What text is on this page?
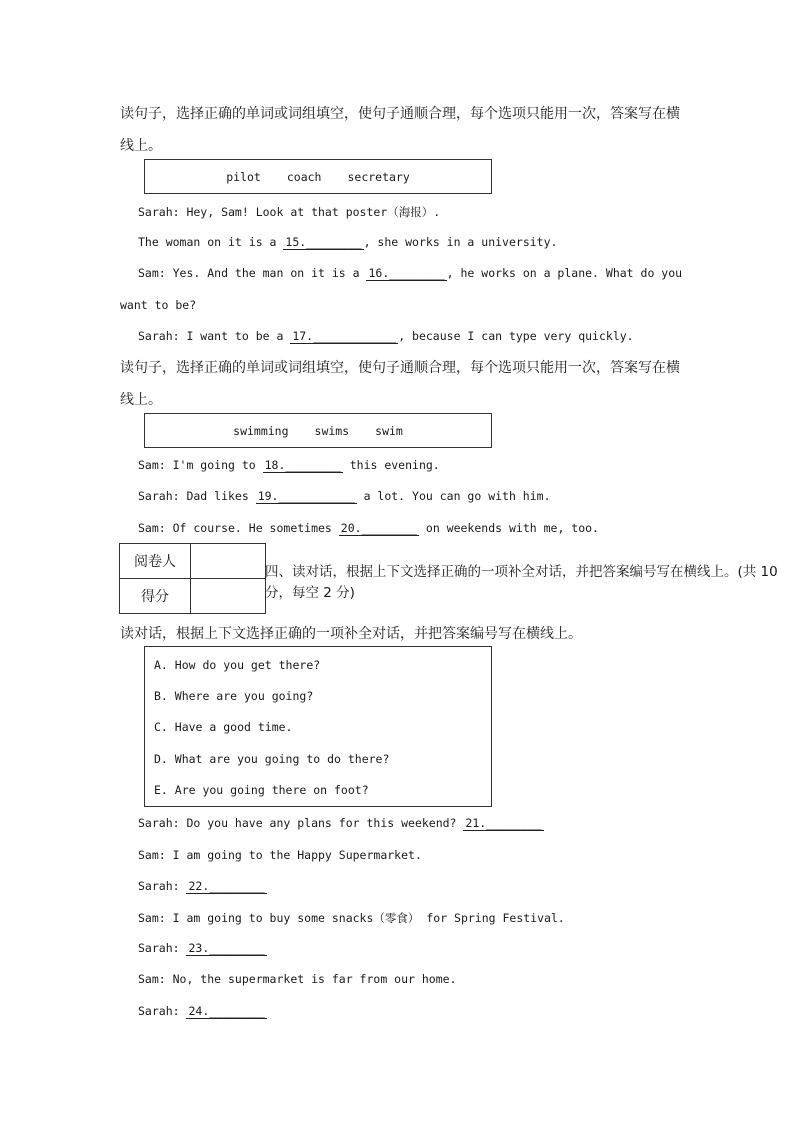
读句子，选择正确的单词或词组填空，使句子通顺合理，每个选项只能用一次，答案写在横
线上。
pilot coach secretary
Sarah: Hey, Sam! Look at that poster（海报）.
The woman on it is a 15.________ , she works in a university.
Sam: Yes. And the man on it is a 16.________ , he works on a plane. What do you
want to be?
Sarah: I want to be a 17.____________ , because I can type very quickly.
读句子，选择正确的单词或词组填空，使句子通顺合理，每个选项只能用一次，答案写在横
线上。
swimming swims swim
Sam: I'm going to 18.________ this evening.
Sarah: Dad likes 19.___________ a lot. You can go with him.
Sam: Of course. He sometimes 20.________ on weekends with me, too.
阅卷人	
得分	
四、读对话，根据上下文选择正确的一项补全对话，并把答案编号写在横线上。(共 10
分，每空 2 分)
读对话，根据上下文选择正确的一项补全对话，并把答案编号写在横线上。
A. How do you get there?
B. Where are you going?
C. Have a good time.
D. What are you going to do there?
E. Are you going there on foot?
Sarah: Do you have any plans for this weekend? 21.________
Sam: I am going to the Happy Supermarket.
Sarah: 22.________
Sam: I am going to buy some snacks（零食） for Spring Festival.
Sarah: 23.________
Sam: No, the supermarket is far from our home.
Sarah: 24.________
